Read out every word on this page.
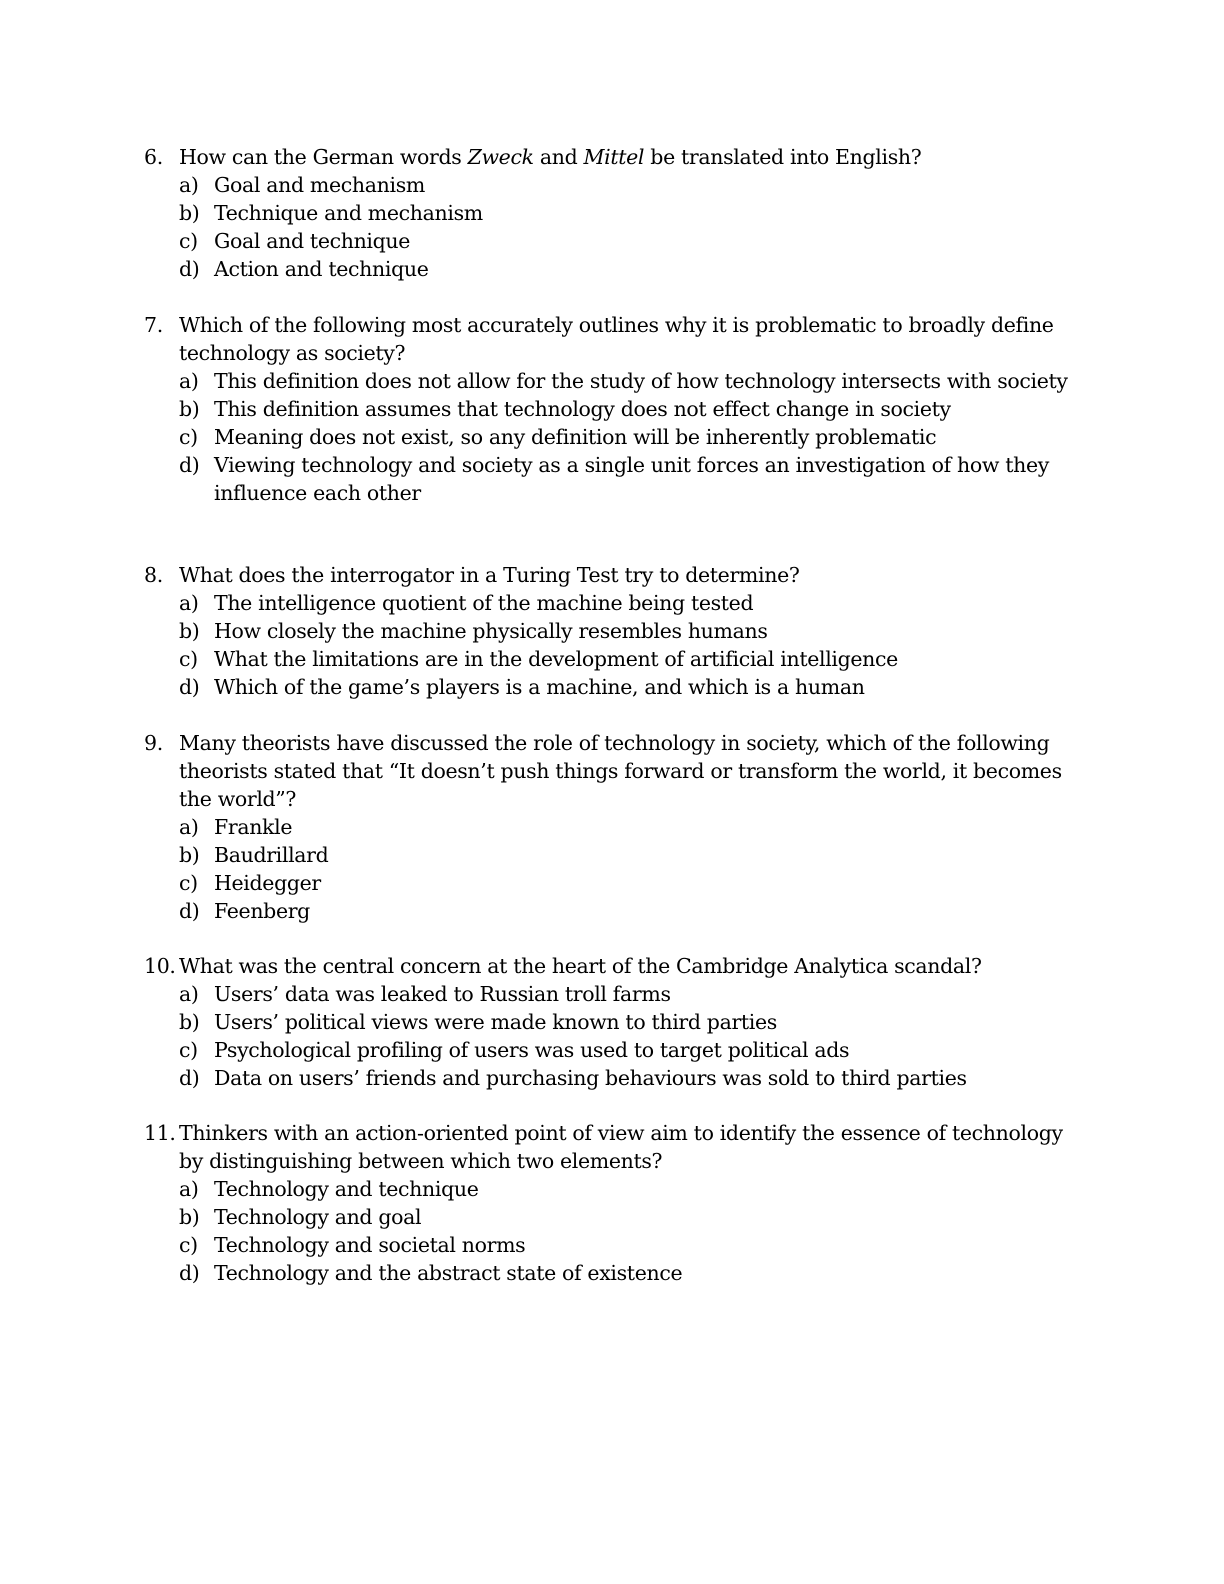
6. How can the German words Zweck and Mittel be translated into English?
a) Goal and mechanism
b) Technique and mechanism
c) Goal and technique
d) Action and technique
7. Which of the following most accurately outlines why it is problematic to broadly define technology as society?
a) This definition does not allow for the study of how technology intersects with society
b) This definition assumes that technology does not effect change in society
c) Meaning does not exist, so any definition will be inherently problematic
d) Viewing technology and society as a single unit forces an investigation of how they influence each other
8. What does the interrogator in a Turing Test try to determine?
a) The intelligence quotient of the machine being tested
b) How closely the machine physically resembles humans
c) What the limitations are in the development of artificial intelligence
d) Which of the game’s players is a machine, and which is a human
9. Many theorists have discussed the role of technology in society, which of the following theorists stated that “It doesn’t push things forward or transform the world, it becomes the world”?
a) Frankle
b) Baudrillard
c) Heidegger
d) Feenberg
10. What was the central concern at the heart of the Cambridge Analytica scandal?
a) Users’ data was leaked to Russian troll farms
b) Users’ political views were made known to third parties
c) Psychological profiling of users was used to target political ads
d) Data on users’ friends and purchasing behaviours was sold to third parties
11. Thinkers with an action-oriented point of view aim to identify the essence of technology by distinguishing between which two elements?
a) Technology and technique
b) Technology and goal
c) Technology and societal norms
d) Technology and the abstract state of existence
